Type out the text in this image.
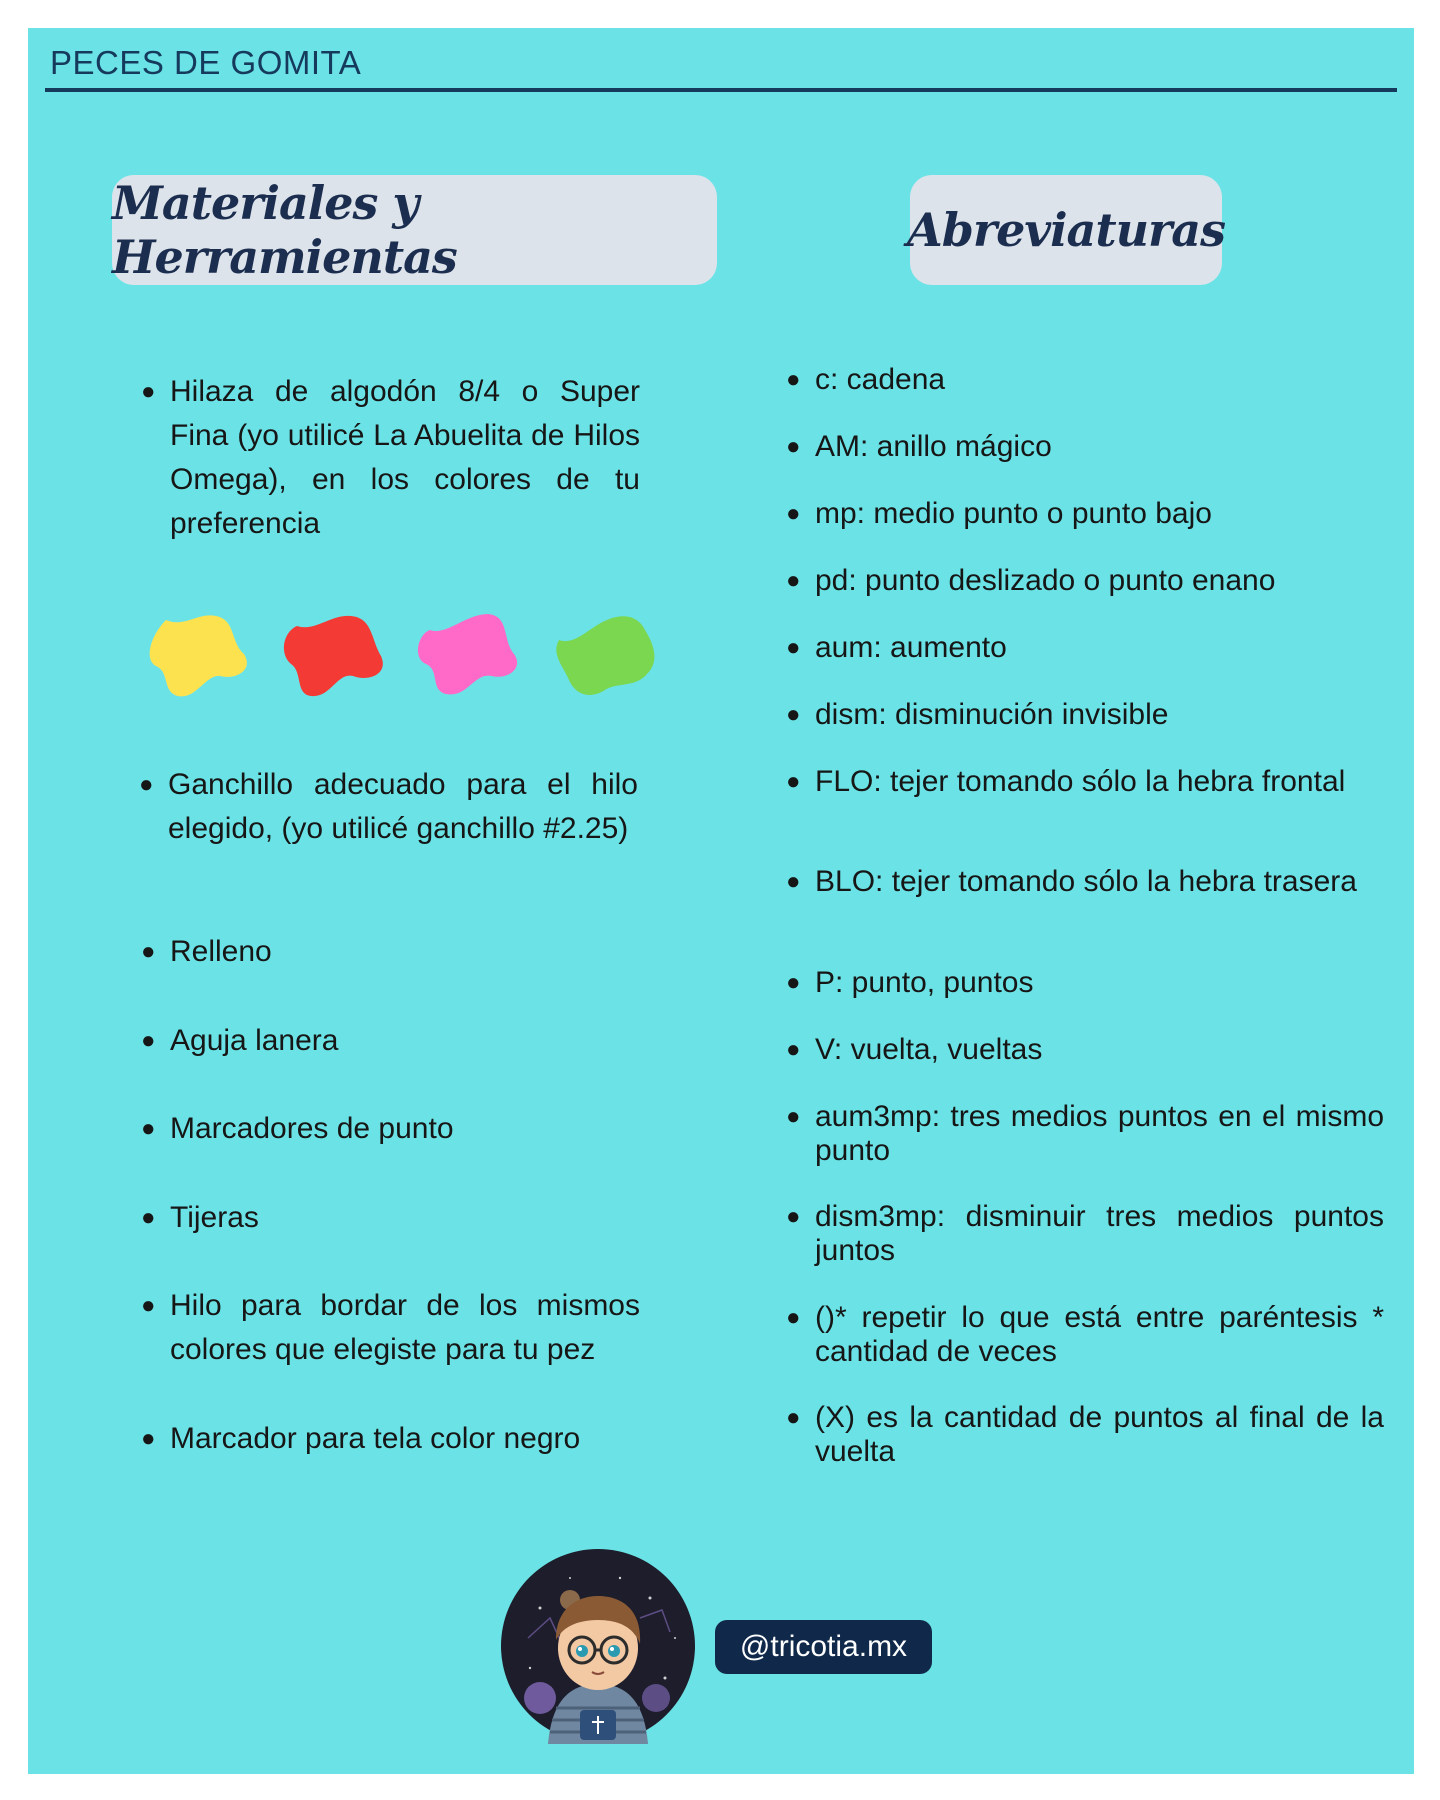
PECES DE GOMITA
Materiales y Herramientas	Abreviaturas
● Hilaza de algodón 8/4 o Super Fina (yo utilicé La Abuelita de Hilos Omega), en los colores de tu preferencia
● Ganchillo adecuado para el hilo elegido, (yo utilicé ganchillo #2.25)
● Relleno
● Aguja lanera
● Marcadores de punto
● Tijeras
● Hilo para bordar de los mismos colores que elegiste para tu pez
● Marcador para tela color negro
● c: cadena
● AM: anillo mágico
● mp: medio punto o punto bajo
● pd: punto deslizado o punto enano
● aum: aumento
● dism: disminución invisible
● FLO: tejer tomando sólo la hebra frontal
● BLO: tejer tomando sólo la hebra trasera
● P: punto, puntos
● V: vuelta, vueltas
● aum3mp: tres medios puntos en el mismo punto
● dism3mp: disminuir tres medios puntos juntos
● ()* repetir lo que está entre paréntesis * cantidad de veces
● (X) es la cantidad de puntos al final de la vuelta
@tricotia.mx
